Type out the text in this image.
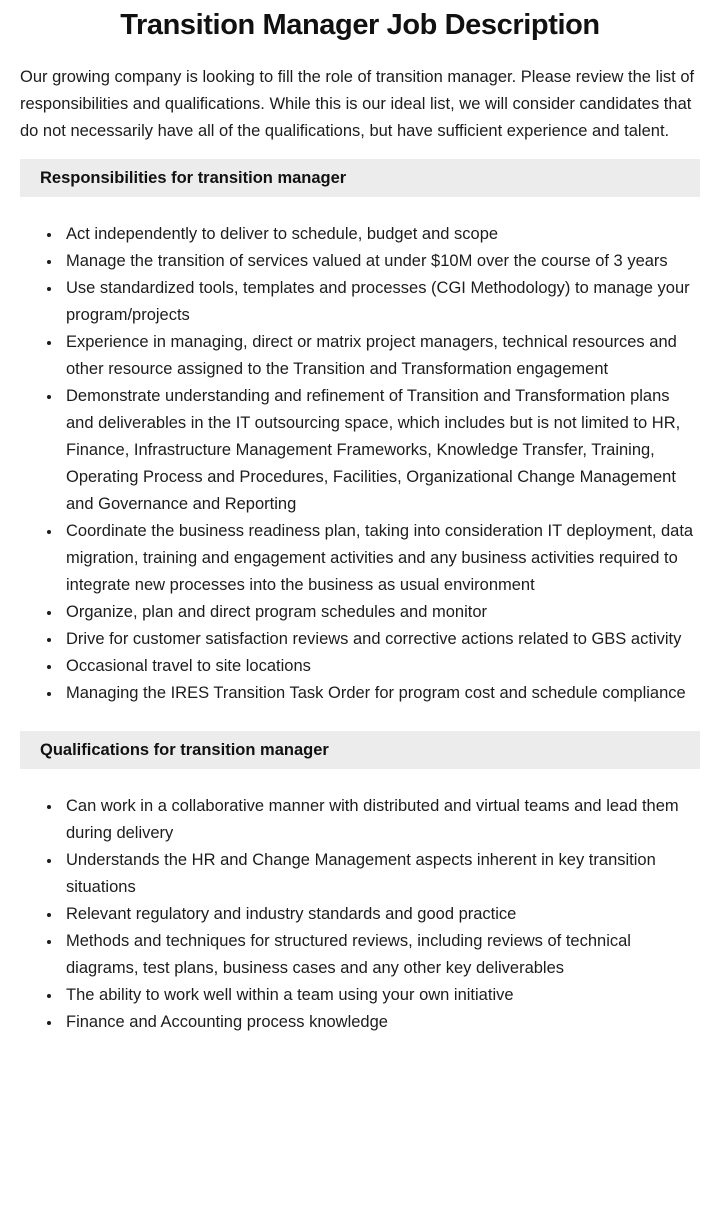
Transition Manager Job Description

Our growing company is looking to fill the role of transition manager. Please review the list of responsibilities and qualifications. While this is our ideal list, we will consider candidates that do not necessarily have all of the qualifications, but have sufficient experience and talent.

Responsibilities for transition manager
• Act independently to deliver to schedule, budget and scope
• Manage the transition of services valued at under $10M over the course of 3 years
• Use standardized tools, templates and processes (CGI Methodology) to manage your program/projects
• Experience in managing, direct or matrix project managers, technical resources and other resource assigned to the Transition and Transformation engagement
• Demonstrate understanding and refinement of Transition and Transformation plans and deliverables in the IT outsourcing space, which includes but is not limited to HR, Finance, Infrastructure Management Frameworks, Knowledge Transfer, Training, Operating Process and Procedures, Facilities, Organizational Change Management and Governance and Reporting
• Coordinate the business readiness plan, taking into consideration IT deployment, data migration, training and engagement activities and any business activities required to integrate new processes into the business as usual environment
• Organize, plan and direct program schedules and monitor
• Drive for customer satisfaction reviews and corrective actions related to GBS activity
• Occasional travel to site locations
• Managing the IRES Transition Task Order for program cost and schedule compliance
Qualifications for transition manager
• Can work in a collaborative manner with distributed and virtual teams and lead them during delivery
• Understands the HR and Change Management aspects inherent in key transition situations
• Relevant regulatory and industry standards and good practice
• Methods and techniques for structured reviews, including reviews of technical diagrams, test plans, business cases and any other key deliverables
• The ability to work well within a team using your own initiative
• Finance and Accounting process knowledge
